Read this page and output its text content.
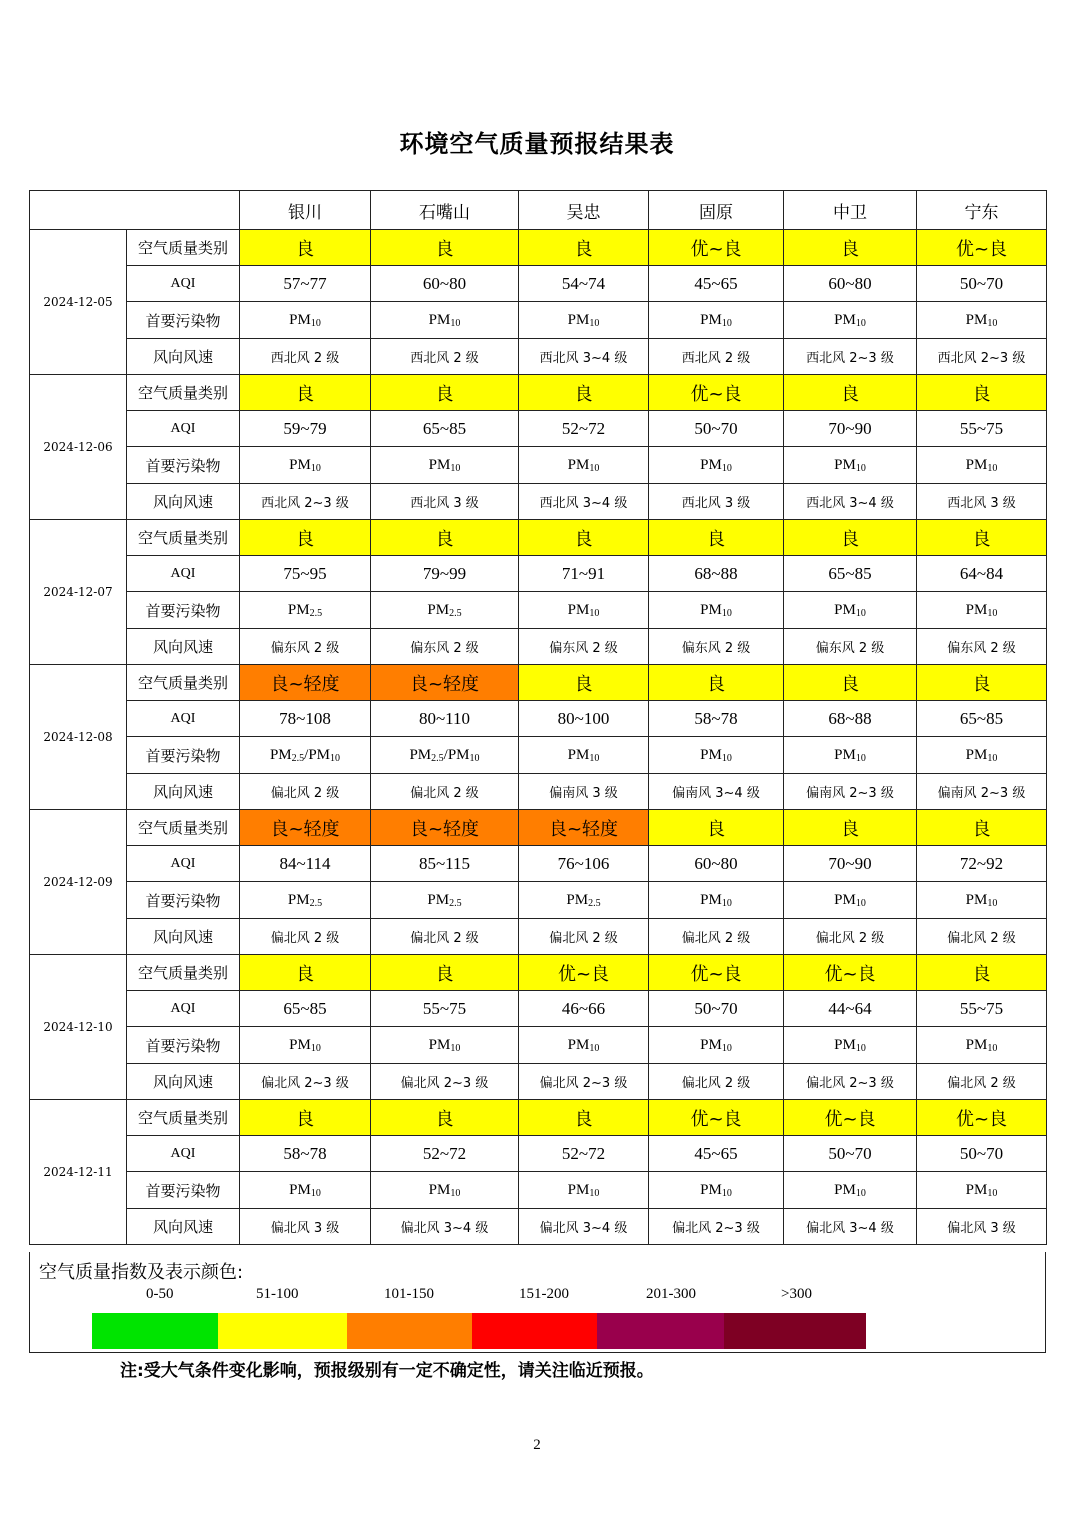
环境空气质量预报结果表
		银川	石嘴山	吴忠	固原	中卫	宁东
2024-12-05	空气质量类别	良	良	良	优~良	良	优~良
	AQI	57~77	60~80	54~74	45~65	60~80	50~70
	首要污染物	$PM_{10}$	$PM_{10}$	$PM_{10}$	$PM_{10}$	$PM_{10}$	$PM_{10}$
	风向风速	西北风 2 级	西北风 2 级	西北风 3~4 级	西北风 2 级	西北风 2~3 级	西北风 2~3 级
2024-12-06	空气质量类别	良	良	良	优~良	良	良
	AQI	59~79	65~85	52~72	50~70	70~90	55~75
	首要污染物	$PM_{10}$	$PM_{10}$	$PM_{10}$	$PM_{10}$	$PM_{10}$	$PM_{10}$
	风向风速	西北风 2~3 级	西北风 3 级	西北风 3~4 级	西北风 3 级	西北风 3~4 级	西北风 3 级
2024-12-07	空气质量类别	良	良	良	良	良	良
	AQI	75~95	79~99	71~91	68~88	65~85	64~84
	首要污染物	$PM_{2.5}$	$PM_{2.5}$	$PM_{10}$	$PM_{10}$	$PM_{10}$	$PM_{10}$
	风向风速	偏东风 2 级	偏东风 2 级	偏东风 2 级	偏东风 2 级	偏东风 2 级	偏东风 2 级
2024-12-08	空气质量类别	良~轻度	良~轻度	良	良	良	良
	AQI	78~108	80~110	80~100	58~78	68~88	65~85
	首要污染物	$PM_{2.5}/PM_{10}$	$PM_{2.5}/PM_{10}$	$PM_{10}$	$PM_{10}$	$PM_{10}$	$PM_{10}$
	风向风速	偏北风 2 级	偏北风 2 级	偏南风 3 级	偏南风 3~4 级	偏南风 2~3 级	偏南风 2~3 级
2024-12-09	空气质量类别	良~轻度	良~轻度	良~轻度	良	良	良
	AQI	84~114	85~115	76~106	60~80	70~90	72~92
	首要污染物	$PM_{2.5}$	$PM_{2.5}$	$PM_{2.5}$	$PM_{10}$	$PM_{10}$	$PM_{10}$
	风向风速	偏北风 2 级	偏北风 2 级	偏北风 2 级	偏北风 2 级	偏北风 2 级	偏北风 2 级
2024-12-10	空气质量类别	良	良	优~良	优~良	优~良	良
	AQI	65~85	55~75	46~66	50~70	44~64	55~75
	首要污染物	$PM_{10}$	$PM_{10}$	$PM_{10}$	$PM_{10}$	$PM_{10}$	$PM_{10}$
	风向风速	偏北风 2~3 级	偏北风 2~3 级	偏北风 2~3 级	偏北风 2 级	偏北风 2~3 级	偏北风 2 级
2024-12-11	空气质量类别	良	良	良	优~良	优~良	优~良
	AQI	58~78	52~72	52~72	45~65	50~70	50~70
	首要污染物	$PM_{10}$	$PM_{10}$	$PM_{10}$	$PM_{10}$	$PM_{10}$	$PM_{10}$
	风向风速	偏北风 3 级	偏北风 3~4 级	偏北风 3~4 级	偏北风 2~3 级	偏北风 3~4 级	偏北风 3 级
空气质量指数及表示颜色:
0-50	51-100	101-150	151-200	201-300	>300
注:受大气条件变化影响，预报级别有一定不确定性，请关注临近预报。
2
